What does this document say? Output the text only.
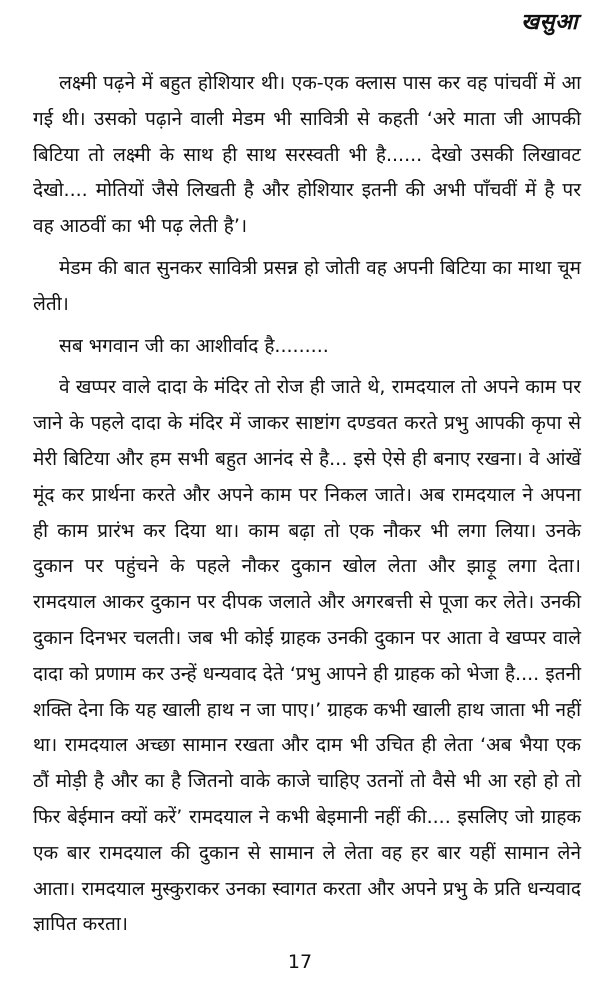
खसुआ

लक्ष्मी पढ़ने में बहुत होशियार थी। एक-एक क्लास पास कर वह पांचवीं में आ गई थी। उसको पढ़ाने वाली मेडम भी सावित्री से कहती ‘अरे माता जी आपकी बिटिया तो लक्ष्मी के साथ ही साथ सरस्वती भी है...... देखो उसकी लिखावट देखो.... मोतियों जैसे लिखती है और होशियार इतनी की अभी पाँचवीं में है पर वह आठवीं का भी पढ़ लेती है’।

मेडम की बात सुनकर सावित्री प्रसन्न हो जोती वह अपनी बिटिया का माथा चूम लेती।

सब भगवान जी का आशीर्वाद है.........

वे खप्पर वाले दादा के मंदिर तो रोज ही जाते थे, रामदयाल तो अपने काम पर जाने के पहले दादा के मंदिर में जाकर साष्टांग दण्डवत करते प्रभु आपकी कृपा से मेरी बिटिया और हम सभी बहुत आनंद से है... इसे ऐसे ही बनाए रखना। वे आंखें मूंद कर प्रार्थना करते और अपने काम पर निकल जाते। अब रामदयाल ने अपना ही काम प्रारंभ कर दिया था। काम बढ़ा तो एक नौकर भी लगा लिया। उनके दुकान पर पहुंचने के पहले नौकर दुकान खोल लेता और झाड़ू लगा देता। रामदयाल आकर दुकान पर दीपक जलाते और अगरबत्ती से पूजा कर लेते। उनकी दुकान दिनभर चलती। जब भी कोई ग्राहक उनकी दुकान पर आता वे खप्पर वाले दादा को प्रणाम कर उन्हें धन्यवाद देते ‘प्रभु आपने ही ग्राहक को भेजा है.... इतनी शक्ति देना कि यह खाली हाथ न जा पाए।’ ग्राहक कभी खाली हाथ जाता भी नहीं था। रामदयाल अच्छा सामान रखता और दाम भी उचित ही लेता ‘अब भैया एक ठौं मोड़ी है और का है जितनो वाके काजे चाहिए उतनों तो वैसे भी आ रहो हो तो फिर बेईमान क्यों करें’ रामदयाल ने कभी बेइमानी नहीं की.... इसलिए जो ग्राहक एक बार रामदयाल की दुकान से सामान ले लेता वह हर बार यहीं सामान लेने आता। रामदयाल मुस्कुराकर उनका स्वागत करता और अपने प्रभु के प्रति धन्यवाद ज्ञापित करता।

17
